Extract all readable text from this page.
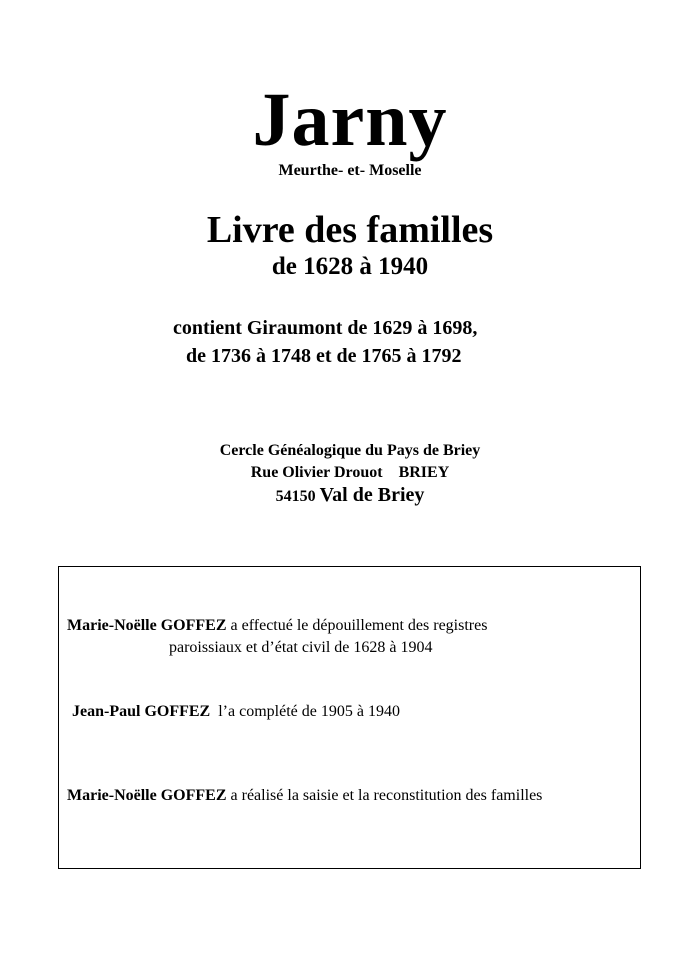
Jarny
Meurthe- et- Moselle
Livre des familles
de 1628 à 1940
contient Giraumont de 1629 à 1698,
de 1736 à 1748 et de 1765 à 1792
Cercle Généalogique du Pays de Briey
Rue Olivier Drouot BRIEY
54150 Val de Briey
Marie-Noëlle GOFFEZ a effectué le dépouillement des registres
paroissiaux et d’état civil de 1628 à 1904
Jean-Paul GOFFEZ  l’a complété de 1905 à 1940
Marie-Noëlle GOFFEZ a réalisé la saisie et la reconstitution des familles
